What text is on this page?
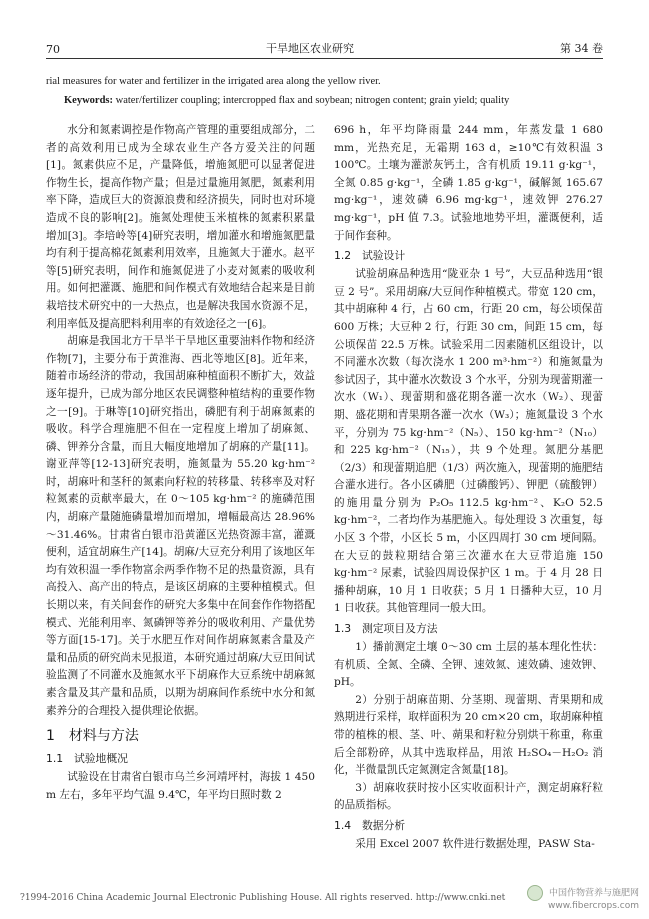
70	干旱地区农业研究	第 34 卷
rial measures for water and fertilizer in the irrigated area along the yellow river.
Keywords: water/fertilizer coupling; intercropped flax and soybean; nitrogen content; grain yield; quality

水分和氮素调控是作物高产管理的重要组成部分，二者的高效利用已成为全球农业生产各方爱关注的问题[1]。氮素供应不足，产量降低，增施氮肥可以显著促进作物生长，提高作物产量；但是过量施用氮肥，氮素利用率下降，造成巨大的资源浪费和经济损失，同时也对环境造成不良的影响[2]。施氮处理使玉米植株的氮素积累量增加[3]。李培岭等[4]研究表明，增加灌水和增施氮肥量均有利于提高棉花氮素利用效率，且施氮大于灌水。赵平等[5]研究表明，间作和施氮促进了小麦对氮素的吸收利用。如何把灌溉、施肥和间作模式有效地结合起来是目前栽培技术研究中的一大热点，也是解决我国水资源不足，利用率低及提高肥料利用率的有效途径之一[6]。

胡麻是我国北方干旱半干旱地区重要油料作物和经济作物[7]，主要分布于黄淮海、西北等地区[8]。近年来，随着市场经济的带动，我国胡麻种植面积不断扩大，效益逐年提升，已成为部分地区农民调整种植结构的重要作物之一[9]。于琳等[10]研究指出，磷肥有利于胡麻氮素的吸收。科学合理施肥不但在一定程度上增加了胡麻氮、磷、钾养分含量，而且大幅度地增加了胡麻的产量[11]。谢亚萍等[12-13]研究表明，施氮量为 55.20 kg·hm⁻² 时，胡麻叶和茎秆的氮素向籽粒的转移量、转移率及对籽粒氮素的贡献率最大，在 0～105 kg·hm⁻² 的施磷范围内，胡麻产量随施磷量增加而增加，增幅最高达 28.96%～31.46%。甘肃省白银市沿黄灌区光热资源丰富，灌溉便利，适宜胡麻生产[14]。胡麻/大豆充分利用了该地区年均有效积温一季作物富余两季作物不足的热量资源，具有高投入、高产出的特点，是该区胡麻的主要种植模式。但长期以来，有关间套作的研究大多集中在间套作作物搭配模式、光能利用率、氮磷钾等养分的吸收利用、产量优势等方面[15-17]。关于水肥互作对间作胡麻氮素含量及产量和品质的研究尚未见报道，本研究通过胡麻/大豆田间试验监测了不同灌水及施氮水平下胡麻作大豆系统中胡麻氮素含量及其产量和品质，以期为胡麻间作系统中水分和氮素养分的合理投入提供理论依据。

1　材料与方法
1.1　试验地概况

试验设在甘肃省白银市乌兰乡河靖坪村，海拔 1 450 m 左右，多年平均气温 9.4℃，年平均日照时数 2

696 h，年平均降雨量 244 mm，年蒸发量 1 680 mm，光热充足，无霜期 163 d，≥10℃有效积温 3 100℃。土壤为灌淤灰钙土，含有机质 19.11 g·kg⁻¹，全氮 0.85 g·kg⁻¹，全磷 1.85 g·kg⁻¹，碱解氮 165.67 mg·kg⁻¹，速效磷 6.96 mg·kg⁻¹，速效钾 276.27 mg·kg⁻¹，pH 值 7.3。试验地地势平坦，灌溉便利，适于间作套种。

1.2　试验设计

试验胡麻品种选用“陇亚杂 1 号”，大豆品种选用“银豆 2 号”。采用胡麻/大豆间作种植模式。带宽 120 cm，其中胡麻种 4 行，占 60 cm，行距 20 cm，每公顷保苗 600 万株；大豆种 2 行，行距 30 cm，间距 15 cm，每公顷保苗 22.5 万株。试验采用二因素随机区组设计，以不同灌水次数（每次浇水 1 200 m³·hm⁻²）和施氮量为参试因子，其中灌水次数设 3 个水平，分别为现蕾期灌一次水（W₁）、现蕾期和盛花期各灌一次水（W₂）、现蕾期、盛花期和青果期各灌一次水（W₃）；施氮量设 3 个水平，分别为 75 kg·hm⁻²（N₅）、150 kg·hm⁻²（N₁₀）和 225 kg·hm⁻²（N₁₅），共 9 个处理。氮肥分基肥（2/3）和现蕾期追肥（1/3）两次施入，现蕾期的施肥结合灌水进行。各小区磷肥（过磷酸钙）、钾肥（硫酸钾）的施用量分别为 P₂O₅ 112.5 kg·hm⁻²、K₂O 52.5 kg·hm⁻²，二者均作为基肥施入。每处理设 3 次重复，每小区 3 个带，小区长 5 m，小区四周打 30 cm 埂间隔。在大豆的鼓粒期结合第三次灌水在大豆带追施 150 kg·hm⁻² 尿素，试验四周设保护区 1 m。于 4 月 28 日播种胡麻，10 月 1 日收获；5 月 1 日播种大豆，10 月 1 日收获。其他管理同一般大田。

1.3　测定项目及方法

1）播前测定土壤 0～30 cm 土层的基本理化性状：有机质、全氮、全磷、全钾、速效氮、速效磷、速效钾、pH。

2）分别于胡麻苗期、分茎期、现蕾期、青果期和成熟期进行采样，取样面积为 20 cm×20 cm，取胡麻种植带的植株的根、茎、叶、蒴果和籽粒分别烘干称重，称重后全部粉碎，从其中选取样品，用浓 H₂SO₄－H₂O₂ 消化，半微量凯氏定氮测定含氮量[18]。

3）胡麻收获时按小区实收面积计产，测定胡麻籽粒的品质指标。

1.4　数据分析

采用 Excel 2007 软件进行数据处理，PASW Sta-

?1994-2016 China Academic Journal Electronic Publishing House. All rights reserved. http://www.cnki.net	中国作物营养与施肥网
www.fibercrops.com
